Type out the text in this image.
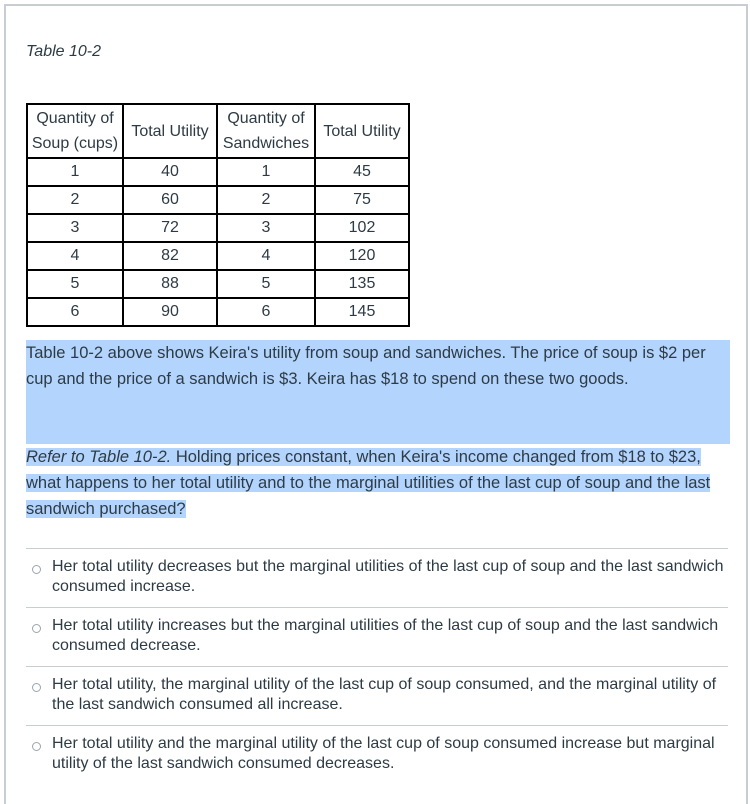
Table 10-2
Quantity of Soup (cups)	Total Utility	Quantity of Sandwiches	Total Utility
1	40	1	45
2	60	2	75
3	72	3	102
4	82	4	120
5	88	5	135
6	90	6	145
Table 10-2 above shows Keira's utility from soup and sandwiches. The price of soup is $2 per cup and the price of a sandwich is $3. Keira has $18 to spend on these two goods.
Refer to Table 10-2. Holding prices constant, when Keira's income changed from $18 to $23, what happens to her total utility and to the marginal utilities of the last cup of soup and the last sandwich purchased?
Her total utility decreases but the marginal utilities of the last cup of soup and the last sandwich consumed increase.
Her total utility increases but the marginal utilities of the last cup of soup and the last sandwich consumed decrease.
Her total utility, the marginal utility of the last cup of soup consumed, and the marginal utility of the last sandwich consumed all increase.
Her total utility and the marginal utility of the last cup of soup consumed increase but marginal utility of the last sandwich consumed decreases.
